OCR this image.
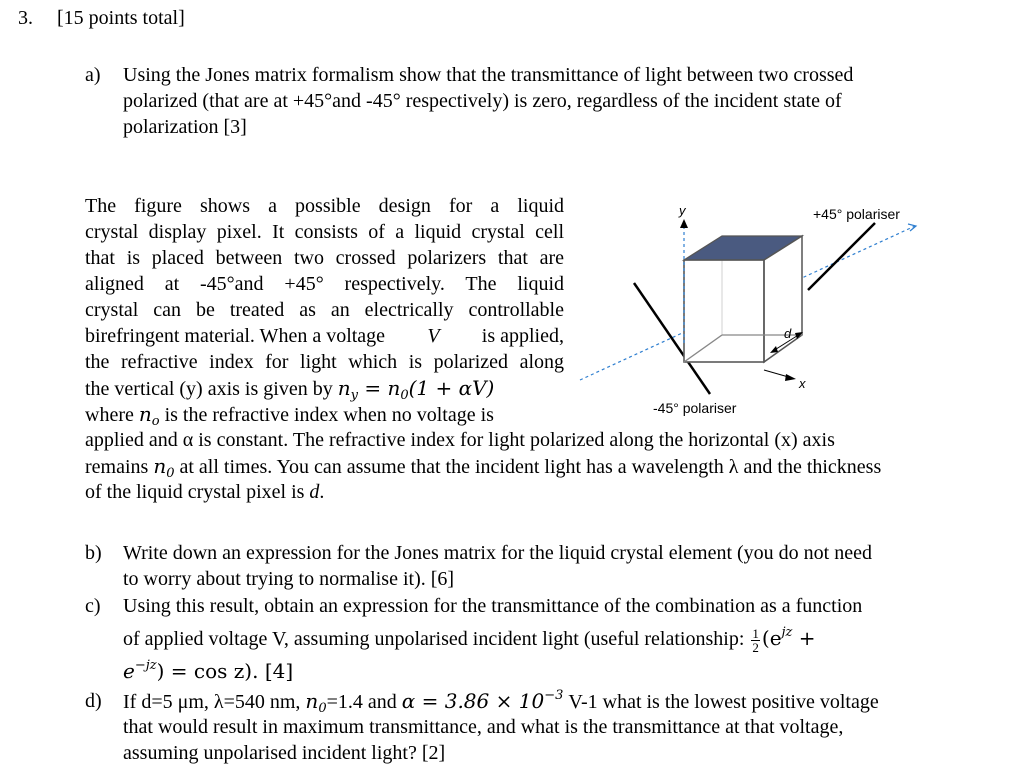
3. [15 points total]
a) Using the Jones matrix formalism show that the transmittance of light between two crossed
polarized (that are at +45°and -45° respectively) is zero, regardless of the incident state of
polarization [3]
The figure shows a possible design for a liquid
crystal display pixel. It consists of a liquid crystal cell
that is placed between two crossed polarizers that are
aligned at -45°and +45° respectively. The liquid
crystal can be treated as an electrically controllable
birefringent material. When a voltage V is applied,
the refractive index for light which is polarized along
the vertical (y) axis is given by $n_y = n_0(1 + \alpha V)$
where $n_o$ is the refractive index when no voltage is
applied and α is constant. The refractive index for light polarized along the horizontal (x) axis
remains $n_0$ at all times. You can assume that the incident light has a wavelength λ and the thickness
of the liquid crystal pixel is d.
y
x
d
+45° polariser
-45° polariser
b) Write down an expression for the Jones matrix for the liquid crystal element (you do not need
to worry about trying to normalise it). [6]
c) Using this result, obtain an expression for the transmittance of the combination as a function
of applied voltage V, assuming unpolarised incident light (useful relationship: $\frac{1}{2} (e^{jz}$ +
$e^{-jz}) = \cos z$). [4]
d) If d=5 μm, λ=540 nm, $n_0=1.4$ and $\alpha = 3.86 \times 10^{-3}$ V-1 what is the lowest positive voltage
that would result in maximum transmittance, and what is the transmittance at that voltage,
assuming unpolarised incident light? [2]
